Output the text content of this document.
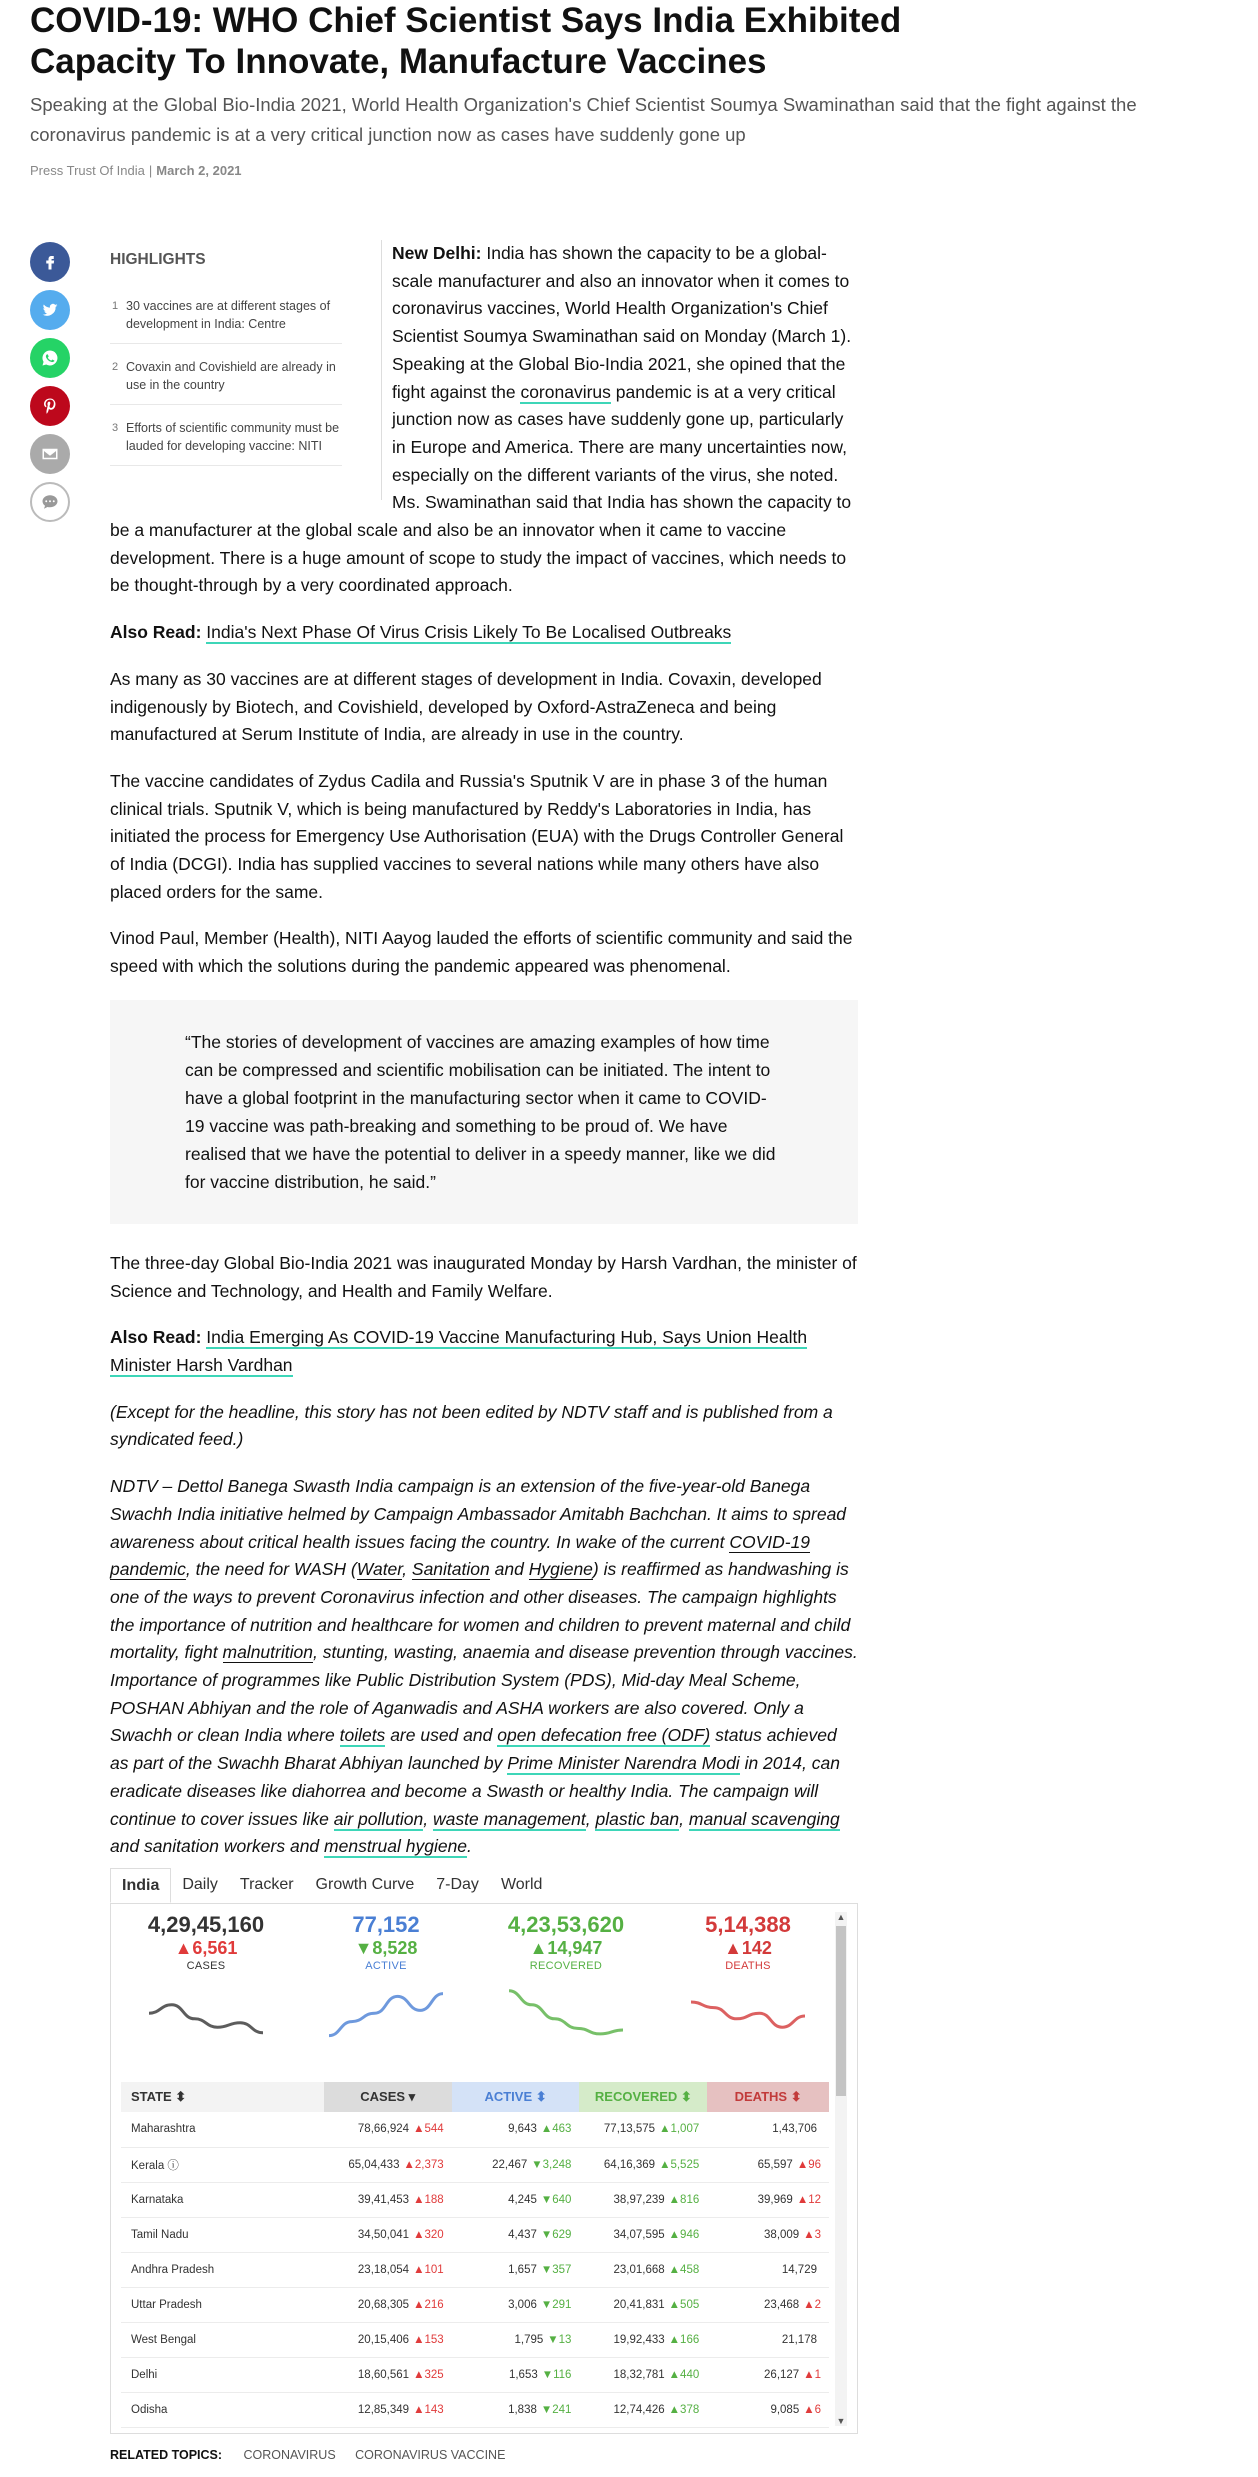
COVID-19: WHO Chief Scientist Says India Exhibited Capacity To Innovate, Manufacture Vaccines

Speaking at the Global Bio-India 2021, World Health Organization's Chief Scientist Soumya Swaminathan said that the fight against the coronavirus pandemic is at a very critical junction now as cases have suddenly gone up

Press Trust Of India | March 2, 2021
HIGHLIGHTS
1 30 vaccines are at different stages of development in India: Centre
2 Covaxin and Covishield are already in use in the country
3 Efforts of scientific community must be lauded for developing vaccine: NITI

New Delhi: India has shown the capacity to be a global-scale manufacturer and also an innovator when it comes to coronavirus vaccines, World Health Organization's Chief Scientist Soumya Swaminathan said on Monday (March 1). Speaking at the Global Bio-India 2021, she opined that the fight against the coronavirus pandemic is at a very critical junction now as cases have suddenly gone up, particularly in Europe and America. There are many uncertainties now, especially on the different variants of the virus, she noted. Ms. Swaminathan said that India has shown the capacity to be a manufacturer at the global scale and also be an innovator when it came to vaccine development. There is a huge amount of scope to study the impact of vaccines, which needs to be thought-through by a very coordinated approach.

Also Read: India's Next Phase Of Virus Crisis Likely To Be Localised Outbreaks

As many as 30 vaccines are at different stages of development in India. Covaxin, developed indigenously by Biotech, and Covishield, developed by Oxford-AstraZeneca and being manufactured at Serum Institute of India, are already in use in the country.

The vaccine candidates of Zydus Cadila and Russia's Sputnik V are in phase 3 of the human clinical trials. Sputnik V, which is being manufactured by Reddy's Laboratories in India, has initiated the process for Emergency Use Authorisation (EUA) with the Drugs Controller General of India (DCGI). India has supplied vaccines to several nations while many others have also placed orders for the same.

Vinod Paul, Member (Health), NITI Aayog lauded the efforts of scientific community and said the speed with which the solutions during the pandemic appeared was phenomenal.

“The stories of development of vaccines are amazing examples of how time can be compressed and scientific mobilisation can be initiated. The intent to have a global footprint in the manufacturing sector when it came to COVID-19 vaccine was path-breaking and something to be proud of. We have realised that we have the potential to deliver in a speedy manner, like we did for vaccine distribution, he said.”

The three-day Global Bio-India 2021 was inaugurated Monday by Harsh Vardhan, the minister of Science and Technology, and Health and Family Welfare.

Also Read: India Emerging As COVID-19 Vaccine Manufacturing Hub, Says Union Health Minister Harsh Vardhan

(Except for the headline, this story has not been edited by NDTV staff and is published from a syndicated feed.)

NDTV – Dettol Banega Swasth India campaign is an extension of the five-year-old Banega Swachh India initiative helmed by Campaign Ambassador Amitabh Bachchan. It aims to spread awareness about critical health issues facing the country. In wake of the current COVID-19 pandemic, the need for WASH (Water, Sanitation and Hygiene) is reaffirmed as handwashing is one of the ways to prevent Coronavirus infection and other diseases. The campaign highlights the importance of nutrition and healthcare for women and children to prevent maternal and child mortality, fight malnutrition, stunting, wasting, anaemia and disease prevention through vaccines. Importance of programmes like Public Distribution System (PDS), Mid-day Meal Scheme, POSHAN Abhiyan and the role of Aganwadis and ASHA workers are also covered. Only a Swachh or clean India where toilets are used and open defecation free (ODF) status achieved as part of the Swachh Bharat Abhiyan launched by Prime Minister Narendra Modi in 2014, can eradicate diseases like diahorrea and become a Swasth or healthy India. The campaign will continue to cover issues like air pollution, waste management, plastic ban, manual scavenging and sanitation workers and menstrual hygiene.

India	Daily	Tracker	Growth Curve	7-Day	World
4,29,45,160
▲6,561
CASES
77,152
▼8,528
ACTIVE
4,23,53,620
▲14,947
RECOVERED
5,14,388
▲142
DEATHS
STATE ⬍	CASES ▾	ACTIVE ⬍	RECOVERED ⬍	DEATHS ⬍
Maharashtra	78,66,924 ▲544	9,643 ▲463	77,13,575 ▲1,007	1,43,706
Kerala ⓘ	65,04,433 ▲2,373	22,467 ▼3,248	64,16,369 ▲5,525	65,597 ▲96
Karnataka	39,41,453 ▲188	4,245 ▼640	38,97,239 ▲816	39,969 ▲12
Tamil Nadu	34,50,041 ▲320	4,437 ▼629	34,07,595 ▲946	38,009 ▲3
Andhra Pradesh	23,18,054 ▲101	1,657 ▼357	23,01,668 ▲458	14,729
Uttar Pradesh	20,68,305 ▲216	3,006 ▼291	20,41,831 ▲505	23,468 ▲2
West Bengal	20,15,406 ▲153	1,795 ▼13	19,92,433 ▲166	21,178
Delhi	18,60,561 ▲325	1,653 ▼116	18,32,781 ▲440	26,127 ▲1
Odisha	12,85,349 ▲143	1,838 ▼241	12,74,426 ▲378	9,085 ▲6
▲
▼
RELATED TOPICS: CORONAVIRUS CORONAVIRUS VACCINE
